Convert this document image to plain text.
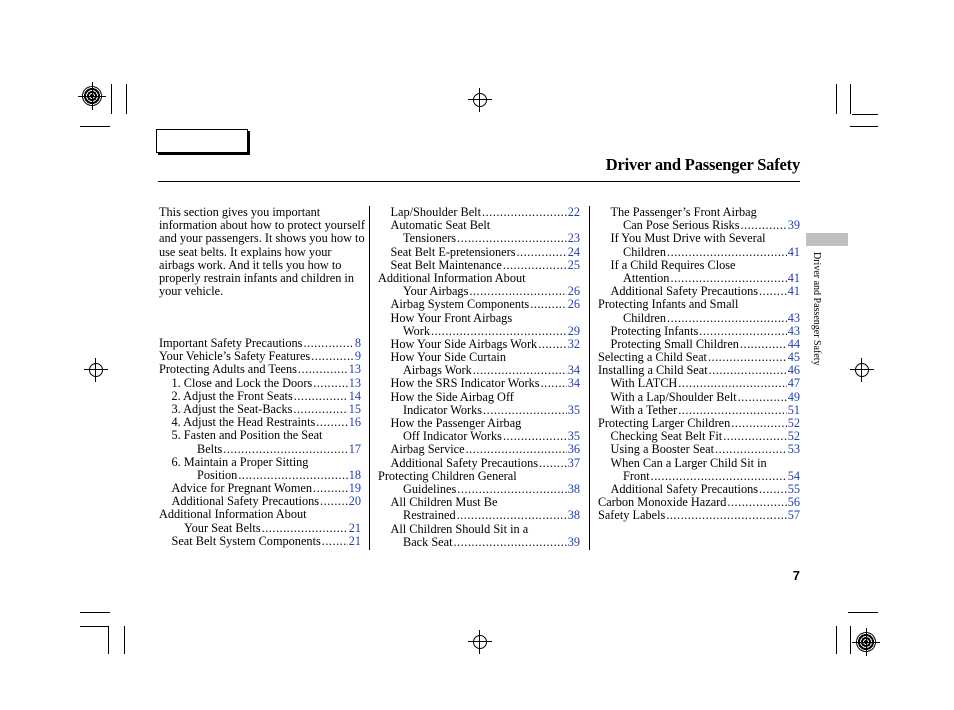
Driver and Passenger Safety
This section gives you important information about how to protect yourself and your passengers. It shows you how to use seat belts. It explains how your airbags work. And it tells you how to properly restrain infants and children in your vehicle.
Important Safety Precautions .....	8
Your Vehicle’s Safety Features .....	9
Protecting Adults and Teens .....	13
1. Close and Lock the Doors .....	13
2. Adjust the Front Seats .....	14
3. Adjust the Seat-Backs .....	15
4. Adjust the Head Restraints .....	16
5. Fasten and Position the Seat
Belts .....	17
6. Maintain a Proper Sitting
Position .....	18
Advice for Pregnant Women .....	19
Additional Safety Precautions ..... 20
Additional Information About
Your Seat Belts .....	21
Seat Belt System Components ..... 21
Lap/Shoulder Belt .....	22
Automatic Seat Belt
Tensioners .....	23
Seat Belt E-pretensioners .....	24
Seat Belt Maintenance .....	25
Additional Information About
Your Airbags .....	26
Airbag System Components .....	26
How Your Front Airbags
Work .....	29
How Your Side Airbags Work ..... 32
How Your Side Curtain
Airbags Work .....	34
How the SRS Indicator Works ..... 34
How the Side Airbag Off
Indicator Works .....	35
How the Passenger Airbag
Off Indicator Works .....	35
Airbag Service .....	36
Additional Safety Precautions ..... 37
Protecting Children General
Guidelines .....	38
All Children Must Be
Restrained .....	38
All Children Should Sit in a
Back Seat .....	39
The Passenger’s Front Airbag
Can Pose Serious Risks .....	39
If You Must Drive with Several
Children .....	41
If a Child Requires Close
Attention .....	41
Additional Safety Precautions ..... 41
Protecting Infants and Small
Children .....	43
Protecting Infants .....	43
Protecting Small Children .....	44
Selecting a Child Seat .....	45
Installing a Child Seat .....	46
With LATCH .....	47
With a Lap/Shoulder Belt .....	49
With a Tether .....	51
Protecting Larger Children .....	52
Checking Seat Belt Fit .....	52
Using a Booster Seat .....	53
When Can a Larger Child Sit in
Front .....	54
Additional Safety Precautions ..... 55
Carbon Monoxide Hazard .....	56
Safety Labels .....	57
Driver and Passenger Safety
7
